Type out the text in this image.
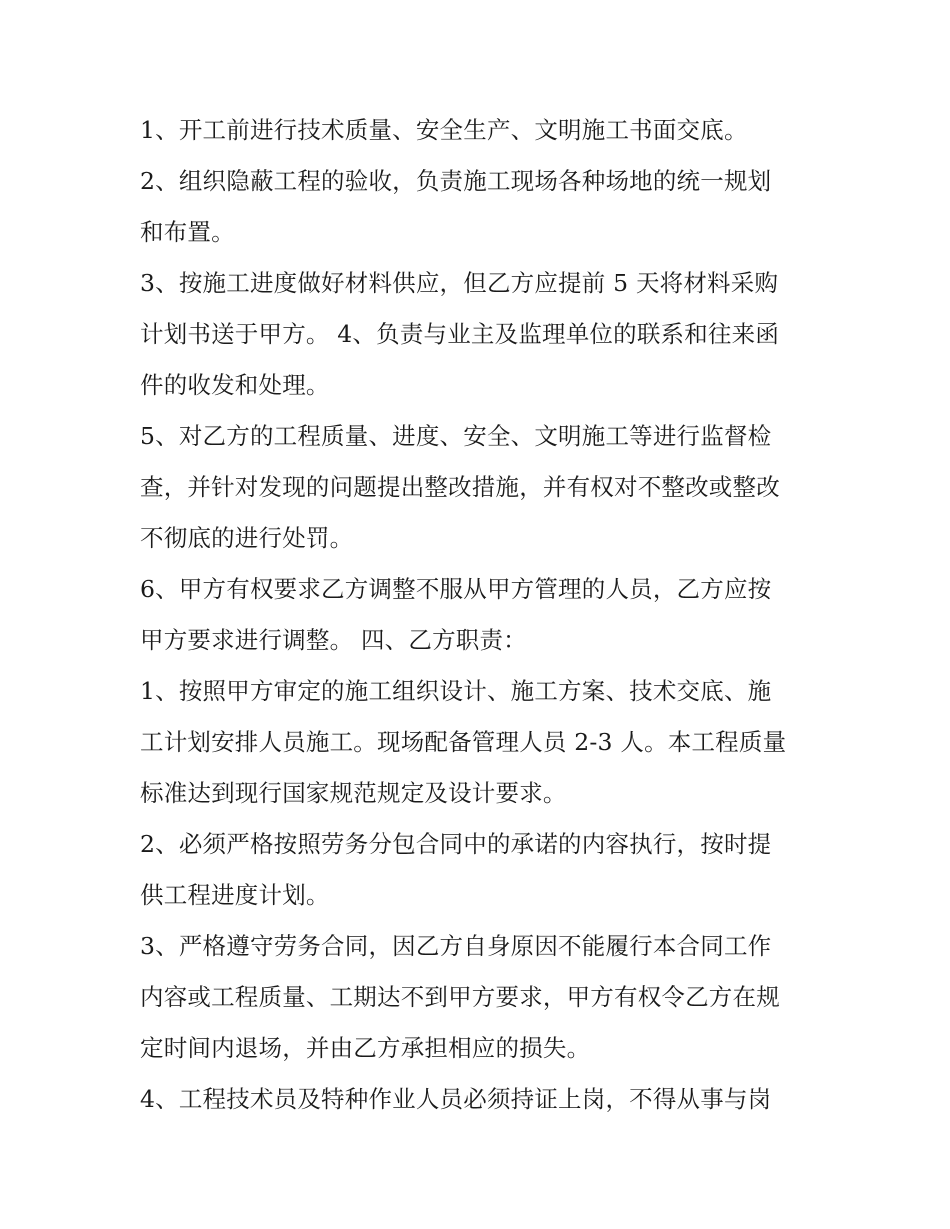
1、开工前进行技术质量、安全生产、文明施工书面交底。
2、组织隐蔽工程的验收，负责施工现场各种场地的统一规划
和布置。
3、按施工进度做好材料供应，但乙方应提前 5 天将材料采购
计划书送于甲方。 4、负责与业主及监理单位的联系和往来函
件的收发和处理。
5、对乙方的工程质量、进度、安全、文明施工等进行监督检
查，并针对发现的问题提出整改措施，并有权对不整改或整改
不彻底的进行处罚。
6、甲方有权要求乙方调整不服从甲方管理的人员，乙方应按
甲方要求进行调整。 四、乙方职责：
1、按照甲方审定的施工组织设计、施工方案、技术交底、施
工计划安排人员施工。现场配备管理人员 2-3 人。本工程质量
标准达到现行国家规范规定及设计要求。
2、必须严格按照劳务分包合同中的承诺的内容执行，按时提
供工程进度计划。
3、严格遵守劳务合同，因乙方自身原因不能履行本合同工作
内容或工程质量、工期达不到甲方要求，甲方有权令乙方在规
定时间内退场，并由乙方承担相应的损失。
4、工程技术员及特种作业人员必须持证上岗，不得从事与岗
